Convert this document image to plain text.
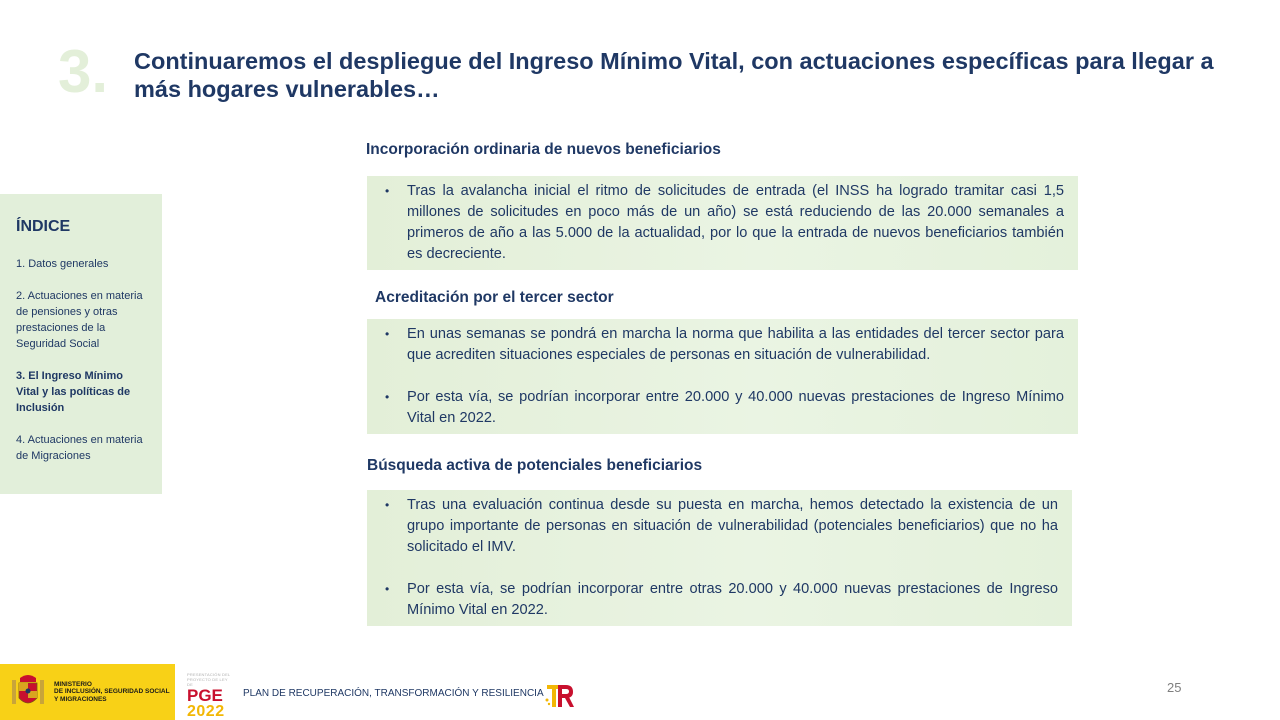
3. Continuaremos el despliegue del Ingreso Mínimo Vital, con actuaciones específicas para llegar a más hogares vulnerables…
ÍNDICE
1. Datos generales
2. Actuaciones en materia de pensiones y otras prestaciones de la Seguridad Social
3. El Ingreso Mínimo Vital y las políticas de Inclusión
4. Actuaciones en materia de Migraciones
Incorporación ordinaria de nuevos beneficiarios
• Tras la avalancha inicial el ritmo de solicitudes de entrada (el INSS ha logrado tramitar casi 1,5 millones de solicitudes en poco más de un año) se está reduciendo de las 20.000 semanales a primeros de año a las 5.000 de la actualidad, por lo que la entrada de nuevos beneficiarios también es decreciente.
Acreditación por el tercer sector
• En unas semanas se pondrá en marcha la norma que habilita a las entidades del tercer sector para que acrediten situaciones especiales de personas en situación de vulnerabilidad.
• Por esta vía, se podrían incorporar entre 20.000 y 40.000 nuevas prestaciones de Ingreso Mínimo Vital en 2022.
Búsqueda activa de potenciales beneficiarios
• Tras una evaluación continua desde su puesta en marcha, hemos detectado la existencia de un grupo importante de personas en situación de vulnerabilidad (potenciales beneficiarios) que no ha solicitado el IMV.
• Por esta vía, se podrían incorporar entre otras 20.000 y 40.000 nuevas prestaciones de Ingreso Mínimo Vital en 2022.
MINISTERIO
DE INCLUSIÓN, SEGURIDAD SOCIAL
Y MIGRACIONES
PRESENTACIÓN DEL PROYECTO DE LEY DE
PGE
2022
PLAN DE RECUPERACIÓN, TRANSFORMACIÓN Y RESILIENCIA	25
